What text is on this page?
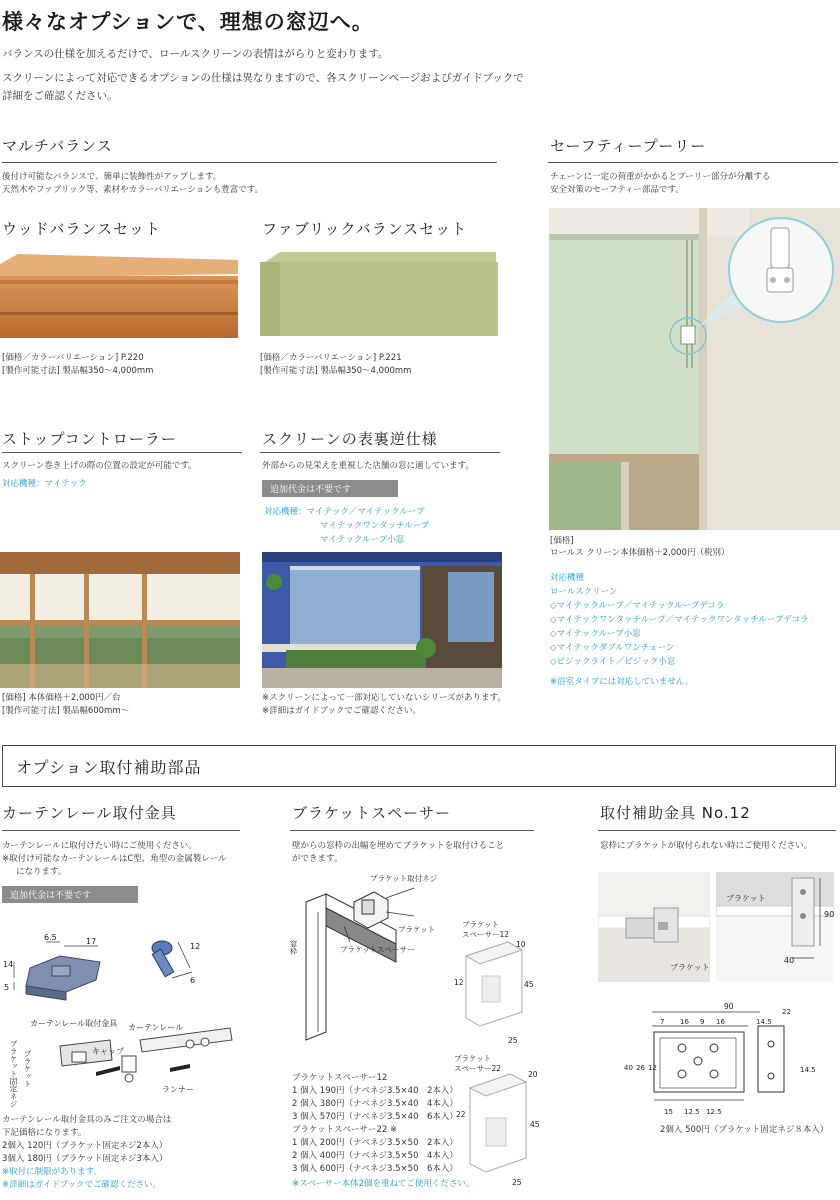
様々なオプションで、理想の窓辺へ。
バランスの仕様を加えるだけで、ロールスクリーンの表情はがらりと変わります。
スクリーンによって対応できるオプションの仕様は異なりますので、各スクリーンページおよびガイドブックで
詳細をご確認ください。
マルチバランス
後付け可能なバランスで、簡単に装飾性がアップします。
天然木やファブリック等、素材やカラーバリエーションも豊富です。
ウッドバランスセット
[価格／カラーバリエーション] P.220
[製作可能寸法] 製品幅350〜4,000mm
ファブリックバランスセット
[価格／カラーバリエーション] P.221
[製作可能寸法] 製品幅350〜4,000mm
セーフティープーリー
チェーンに一定の荷重がかかるとプーリー部分が分離する
安全対策のセーフティー部品です。
[価格]
ロールス クリーン本体価格＋2,000円（税別）
対応機種
ロールスクリーン
◇マイテックループ／マイテックループデコラ
◇マイテックワンタッチループ／マイテックワンタッチループデコラ
◇マイテックループ小窓
◇マイテックダブルワンチェーン
◇ビジックライト／ビジック小窓
※浴室タイプには対応していません。
ストップコントローラー
スクリーン巻き上げの際の位置の設定が可能です。
対応機種：マイテック
[価格] 本体価格＋2,000円／台
[製作可能寸法] 製品幅600mm〜
スクリーンの表裏逆仕様
外部からの見栄えを重視した店舗の窓に適しています。
追加代金は不要です
対応機種：マイテック／マイテックループ
マイテックワンタッチループ
マイテックループ小窓
※スクリーンによって一部対応していないシリーズがあります。
※詳細はガイドブックでご確認ください。
オプション取付補助部品
カーテンレール取付金具
カーテンレールに取付けたい時にご使用ください。
※取付け可能なカーテンレールはC型、角型の金属製レール
になります。
追加代金は不要です
6.5	17
14
5
12
6
カーテンレール取付金具 カーテンレール
ブラケット固定ネジ ブラケット	キャップ
ランナー
カーテンレール取付金具のみご注文の場合は
下記価格になります。
2個入 120円（ブラケット固定ネジ2本入）
3個入 180円（ブラケット固定ネジ3本入）
※取付に制限があります。
※詳細はガイドブックでご確認ください。
ブラケットスペーサー
壁からの窓枠の出幅を埋めてブラケットを取付けること
ができます。
ブラケット取付ネジ
ブラケット
ブラケットスペーサー
窓枠
ブラケット
スペーサー12
10
12	45
25
ブラケット
スペーサー22
20
22
45
25
ブラケットスペーサー12
1 個入 190円（ナベネジ3.5×40　2本入）
2 個入 380円（ナベネジ3.5×40　4本入）
3 個入 570円（ナベネジ3.5×40　6本入）
ブラケットスペーサー22 ※
1 個入 200円（ナベネジ3.5×50　2本入）
2 個入 400円（ナベネジ3.5×50　4本入）
3 個入 600円（ナベネジ3.5×50　6本入）
※スペーサー本体2個を重ねてご使用ください。
取付補助金具 No.12
窓枠にブラケットが取付られない時にご使用ください。
ブラケット
ブラケット
90
40
90
7 16 9 16
22
14.5
40 26 12
15 12.5 12.5
14.5
2個入 500円（ブラケット固定ネジ８本入）
